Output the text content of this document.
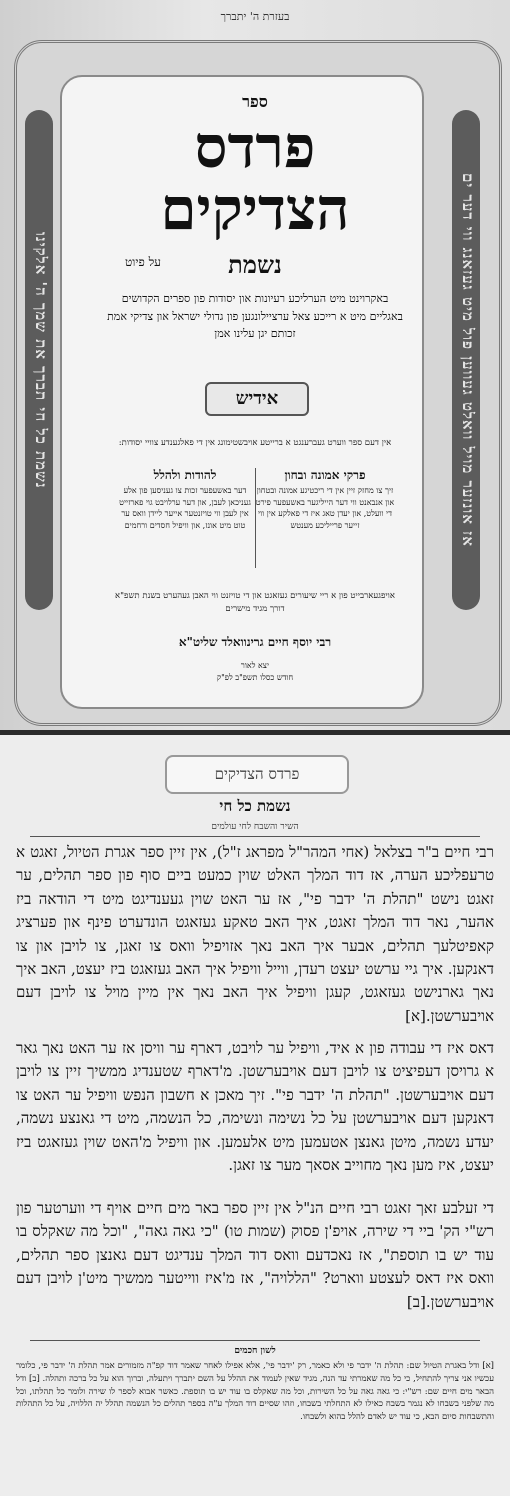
בעזרת ה' יתברך
נשמת כל חי תברך את שמך ה' אלקינו	אז אונזער מויל וואלט געווען פול מיט געזאנג ווי דער ים
ספר
פרדס
הצדיקים
על פיוט	נשמת
באקרוינט מיט הערליכע רעיונות און יסודות פון ספרים הקדושים באגליים מיט א רייכע צאל ערציילונגען פון גדולי ישראל און צדיקי אמת זכותם יגן עלינו אמן
אידיש
אין דעם ספר ווערט געברענגט א ברייטע אויבשטימונג אין די פאלגענדע צוויי יסודות:
פרקי אמונה ובחון

זיך צו מחזק זיין אין די ריכטיגע אמונה ובטחון און אנבאנט ווי דער הייליגער באשעפער פירט די וועלט, און יעדן טאג איז די פאלקע אין ווי זייער פרייליכע מענטש

להודות ולהלל

דער באשעפער זכות צו געניסען פון אלע געניכאן לעבן, און דער ערלויבט גוי פארזייט אין לעבן ווי טויזנטער אייער ליידן וואס ער טוט מיט אונז, און וויפיל חסדים ורחמים

אויפגעארבייט פון א ריי שיעורים געזאגט און די טויזנט ווי האבן געהערט בשנת תשפ"א דורך מגיד מישרים
רבי יוסף חיים גרינוואלד שליט"א
יצא לאור
חודש כסלו תשפ"ב לפ"ק
פרדס הצדיקים
נשמת כל חי
השיר והשבח לחי עולמים

רבי חיים ב"ר בצלאל (אחי המהר"ל מפראג ז"ל), אין זיין ספר אגרת הטיול, זאגט א טרעפליכע הערה, אז דוד המלך האלט שוין כמעט ביים סוף פון ספר תהלים, ער זאגט נישט "תהלת ה' ידבר פי", אז ער האט שוין געענדיגט מיט די הודאה ביז אהער, נאר דוד המלך זאגט, איך האב טאקע געזאגט הונדערט פינף און פערציג קאפיטלעך תהלים, אבער איך האב נאך אזויפיל וואס צו זאגן, צו לויבן און צו דאנקען. איך גיי ערשט יעצט רעדן, ווייל וויפיל איך האב געזאגט ביז יעצט, האב איך נאך גארנישט געזאגט, קעגן וויפיל איך האב נאך אין מיין מויל צו לויבן דעם אויבערשטן.[א]

דאס איז די עבודה פון א איד, וויפיל ער לויבט, דארף ער וויסן אז ער האט נאך גאר א גרויסן דעפיציט צו לויבן דעם אויבערשטן. מ'דארף שטענדיג ממשיך זיין צו לויבן דעם אויבערשטן. "תהלת ה' ידבר פי". זיך מאכן א חשבון הנפש וויפיל ער האט צו דאנקען דעם אויבערשטן על כל נשימה ונשימה, כל הנשמה, מיט די גאנצע נשמה, יעדע נשמה, מיטן גאנצן אטעמען מיט אלעמען. און וויפיל מ'האט שוין געזאגט ביז יעצט, איז מען נאך מחוייב אסאך מער צו זאגן.

די זעלבע זאך זאגט רבי חיים הנ"ל אין זיין ספר באר מים חיים אויף די ווערטער פון רש"י הק' ביי די שירה, אויפ'ן פסוק (שמות טו) "כי גאה גאה", "וכל מה שאקלס בו עוד יש בו תוספת", אז נאכדעם וואס דוד המלך ענדיגט דעם גאנצן ספר תהלים, וואס איז דאס לעצטע ווארט? "הללויה", אז מ'איז ווייטער ממשיך מיט'ן לויבן דעם אויבערשטן.[ב]

לשון חכמים

[א] ודל באגרת הטיול שם: תהלת ה' ידבר פי ולא כאמר, רק 'ידבר פי', אלא אפילו לאחר שאמר דוד קפ"ה מזמורים אמר תהלת ה' ידבר פי, כלומר עכשיו אני צריך להתחיל, כי כל מה שאמרתי עד הנה, מגיד שאין לעמוד את ההלל על השם יתברך ויתעלה, וברוך הוא על כל ברכה ותהלה. [ב] ודל הבאר מים חיים שם: רש"י: כי גאה גאה על כל השירות, וכל מה שאקלס בו עוד יש בו תוספת. כאשר אבוא לספר לו שירה ולומר כל תהלתו, וכל מה שלפני בשבחו לא נגמר בשבח כאילו לא התחלתי בשבחו, וזהו שסיים דוד המלך ע"ה בספר תהלים כל הנשמה תהלל יה הללויה, על כל התהלות והתשבחות סיום הבא, כי עוד יש לאדם להלל בהוא ולשבחו.
